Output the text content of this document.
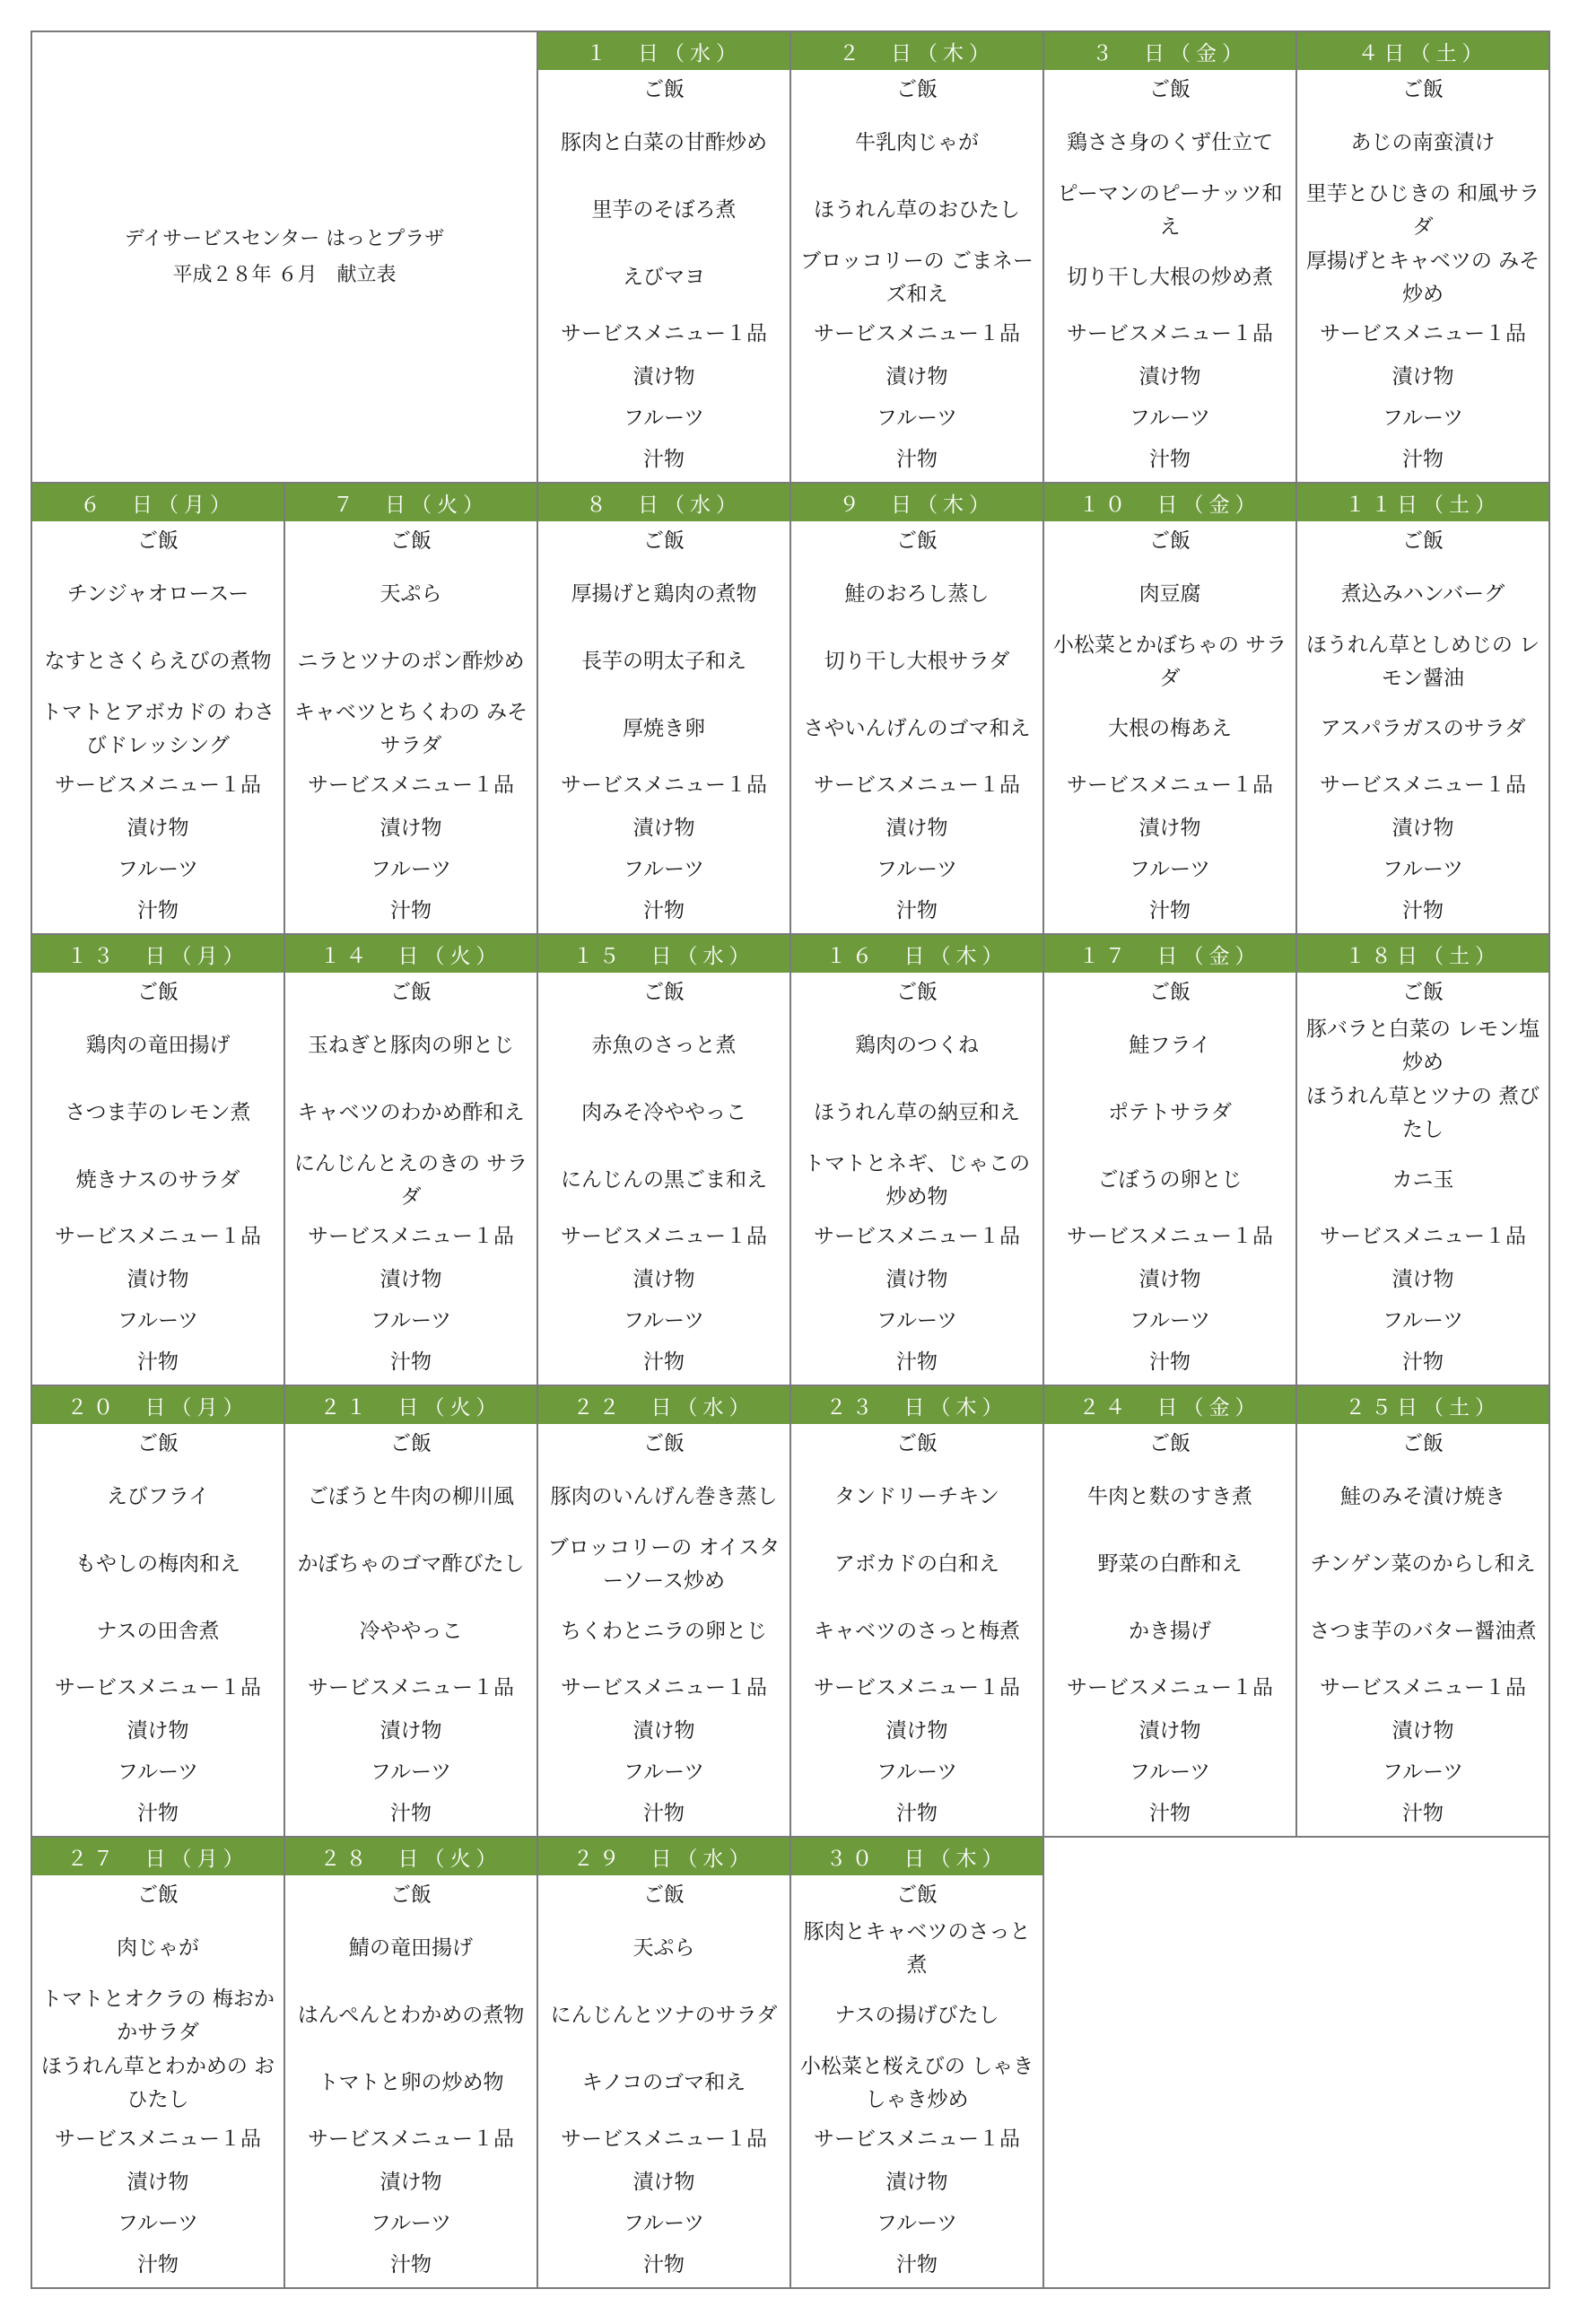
デイサービスセンター はっとプラザ
平成２８年 ６月　献立表
１　日（水）
ご飯
豚肉と白菜の甘酢炒め
里芋のそぼろ煮
えびマヨ
サービスメニュー１品
漬け物
フルーツ
汁物
２　日（木）
ご飯
牛乳肉じゃが
ほうれん草のおひたし
ブロッコリーの ごまネーズ和え
サービスメニュー１品
漬け物
フルーツ
汁物
３　日（金）
ご飯
鶏ささ身のくず仕立て
ピーマンのピーナッツ和え
切り干し大根の炒め煮
サービスメニュー１品
漬け物
フルーツ
汁物
４日（土）
ご飯
あじの南蛮漬け
里芋とひじきの 和風サラダ
厚揚げとキャベツの みそ炒め
サービスメニュー１品
漬け物
フルーツ
汁物
６　日（月）
ご飯
チンジャオロースー
なすとさくらえびの煮物
トマトとアボカドの わさびドレッシング
サービスメニュー１品
漬け物
フルーツ
汁物
７　日（火）
ご飯
天ぷら
ニラとツナのポン酢炒め
キャベツとちくわの みそサラダ
サービスメニュー１品
漬け物
フルーツ
汁物
８　日（水）
ご飯
厚揚げと鶏肉の煮物
長芋の明太子和え
厚焼き卵
サービスメニュー１品
漬け物
フルーツ
汁物
９　日（木）
ご飯
鮭のおろし蒸し
切り干し大根サラダ
さやいんげんのゴマ和え
サービスメニュー１品
漬け物
フルーツ
汁物
１０　日（金）
ご飯
肉豆腐
小松菜とかぼちゃの サラダ
大根の梅あえ
サービスメニュー１品
漬け物
フルーツ
汁物
１１日（土）
ご飯
煮込みハンバーグ
ほうれん草としめじの レモン醤油
アスパラガスのサラダ
サービスメニュー１品
漬け物
フルーツ
汁物
１３　日（月）
ご飯
鶏肉の竜田揚げ
さつま芋のレモン煮
焼きナスのサラダ
サービスメニュー１品
漬け物
フルーツ
汁物
１４　日（火）
ご飯
玉ねぎと豚肉の卵とじ
キャベツのわかめ酢和え
にんじんとえのきの サラダ
サービスメニュー１品
漬け物
フルーツ
汁物
１５　日（水）
ご飯
赤魚のさっと煮
肉みそ冷ややっこ
にんじんの黒ごま和え
サービスメニュー１品
漬け物
フルーツ
汁物
１６　日（木）
ご飯
鶏肉のつくね
ほうれん草の納豆和え
トマトとネギ、じゃこの 炒め物
サービスメニュー１品
漬け物
フルーツ
汁物
１７　日（金）
ご飯
鮭フライ
ポテトサラダ
ごぼうの卵とじ
サービスメニュー１品
漬け物
フルーツ
汁物
１８日（土）
ご飯
豚バラと白菜の レモン塩炒め
ほうれん草とツナの 煮びたし
カニ玉
サービスメニュー１品
漬け物
フルーツ
汁物
２０　日（月）
ご飯
えびフライ
もやしの梅肉和え
ナスの田舎煮
サービスメニュー１品
漬け物
フルーツ
汁物
２１　日（火）
ご飯
ごぼうと牛肉の柳川風
かぼちゃのゴマ酢びたし
冷ややっこ
サービスメニュー１品
漬け物
フルーツ
汁物
２２　日（水）
ご飯
豚肉のいんげん巻き蒸し
ブロッコリーの オイスターソース炒め
ちくわとニラの卵とじ
サービスメニュー１品
漬け物
フルーツ
汁物
２３　日（木）
ご飯
タンドリーチキン
アボカドの白和え
キャベツのさっと梅煮
サービスメニュー１品
漬け物
フルーツ
汁物
２４　日（金）
ご飯
牛肉と麩のすき煮
野菜の白酢和え
かき揚げ
サービスメニュー１品
漬け物
フルーツ
汁物
２５日（土）
ご飯
鮭のみそ漬け焼き
チンゲン菜のからし和え
さつま芋のバター醤油煮
サービスメニュー１品
漬け物
フルーツ
汁物
２７　日（月）
ご飯
肉じゃが
トマトとオクラの 梅おかかサラダ
ほうれん草とわかめの おひたし
サービスメニュー１品
漬け物
フルーツ
汁物
２８　日（火）
ご飯
鯖の竜田揚げ
はんぺんとわかめの煮物
トマトと卵の炒め物
サービスメニュー１品
漬け物
フルーツ
汁物
２９　日（水）
ご飯
天ぷら
にんじんとツナのサラダ
キノコのゴマ和え
サービスメニュー１品
漬け物
フルーツ
汁物
３０　日（木）
ご飯
豚肉とキャベツのさっと煮
ナスの揚げびたし
小松菜と桜えびの しゃきしゃき炒め
サービスメニュー１品
漬け物
フルーツ
汁物
